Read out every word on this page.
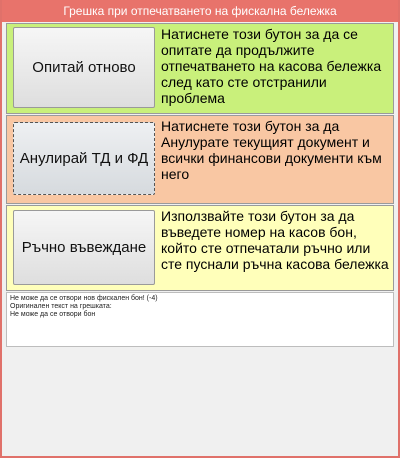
Грешка при отпечатването на фискална бележка
Опитай отново
Натиснете този бутон за да се опитате да продължите отпечатването на касова бележка след като сте отстранили проблема
Анулирай ТД и ФД
Натиснете този бутон за да Анулурате текущият документ и всички финансови документи към него
Ръчно въвеждане
Използвайте този бутон за да въведете номер на касов бон, който сте отпечатали ръчно или сте пуснали ръчна касова бележка
Не може да се отвори нов фискален бон! (-4)
Оригинален текст на грешката:
Не може да се отвори бон
